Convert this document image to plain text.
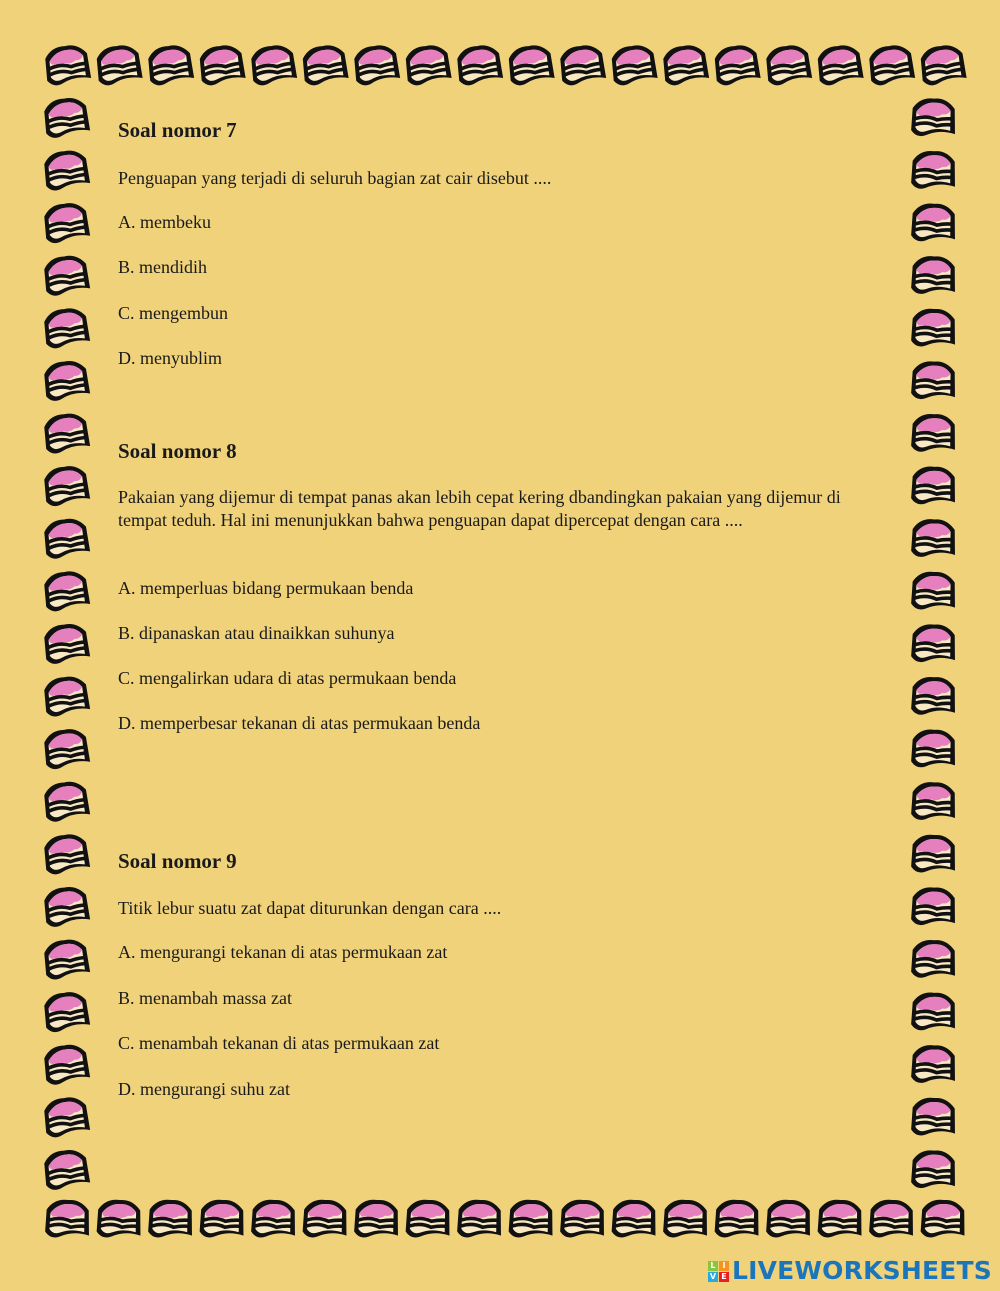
Soal nomor 7
Penguapan yang terjadi di seluruh bagian zat cair disebut ....
A. membeku
B. mendidih
C. mengembun
D. menyublim
Soal nomor 8
Pakaian yang dijemur di tempat panas akan lebih cepat kering dbandingkan pakaian yang dijemur di tempat teduh. Hal ini menunjukkan bahwa penguapan dapat dipercepat dengan cara ....
A. memperluas bidang permukaan benda
B. dipanaskan atau dinaikkan suhunya
C. mengalirkan udara di atas permukaan benda
D. memperbesar tekanan di atas permukaan benda
Soal nomor 9
Titik lebur suatu zat dapat diturunkan dengan cara ....
A. mengurangi tekanan di atas permukaan zat
B. menambah massa zat
C. menambah tekanan di atas permukaan zat
D. mengurangi suhu zat
L I
V E LIVEWORKSHEETS
